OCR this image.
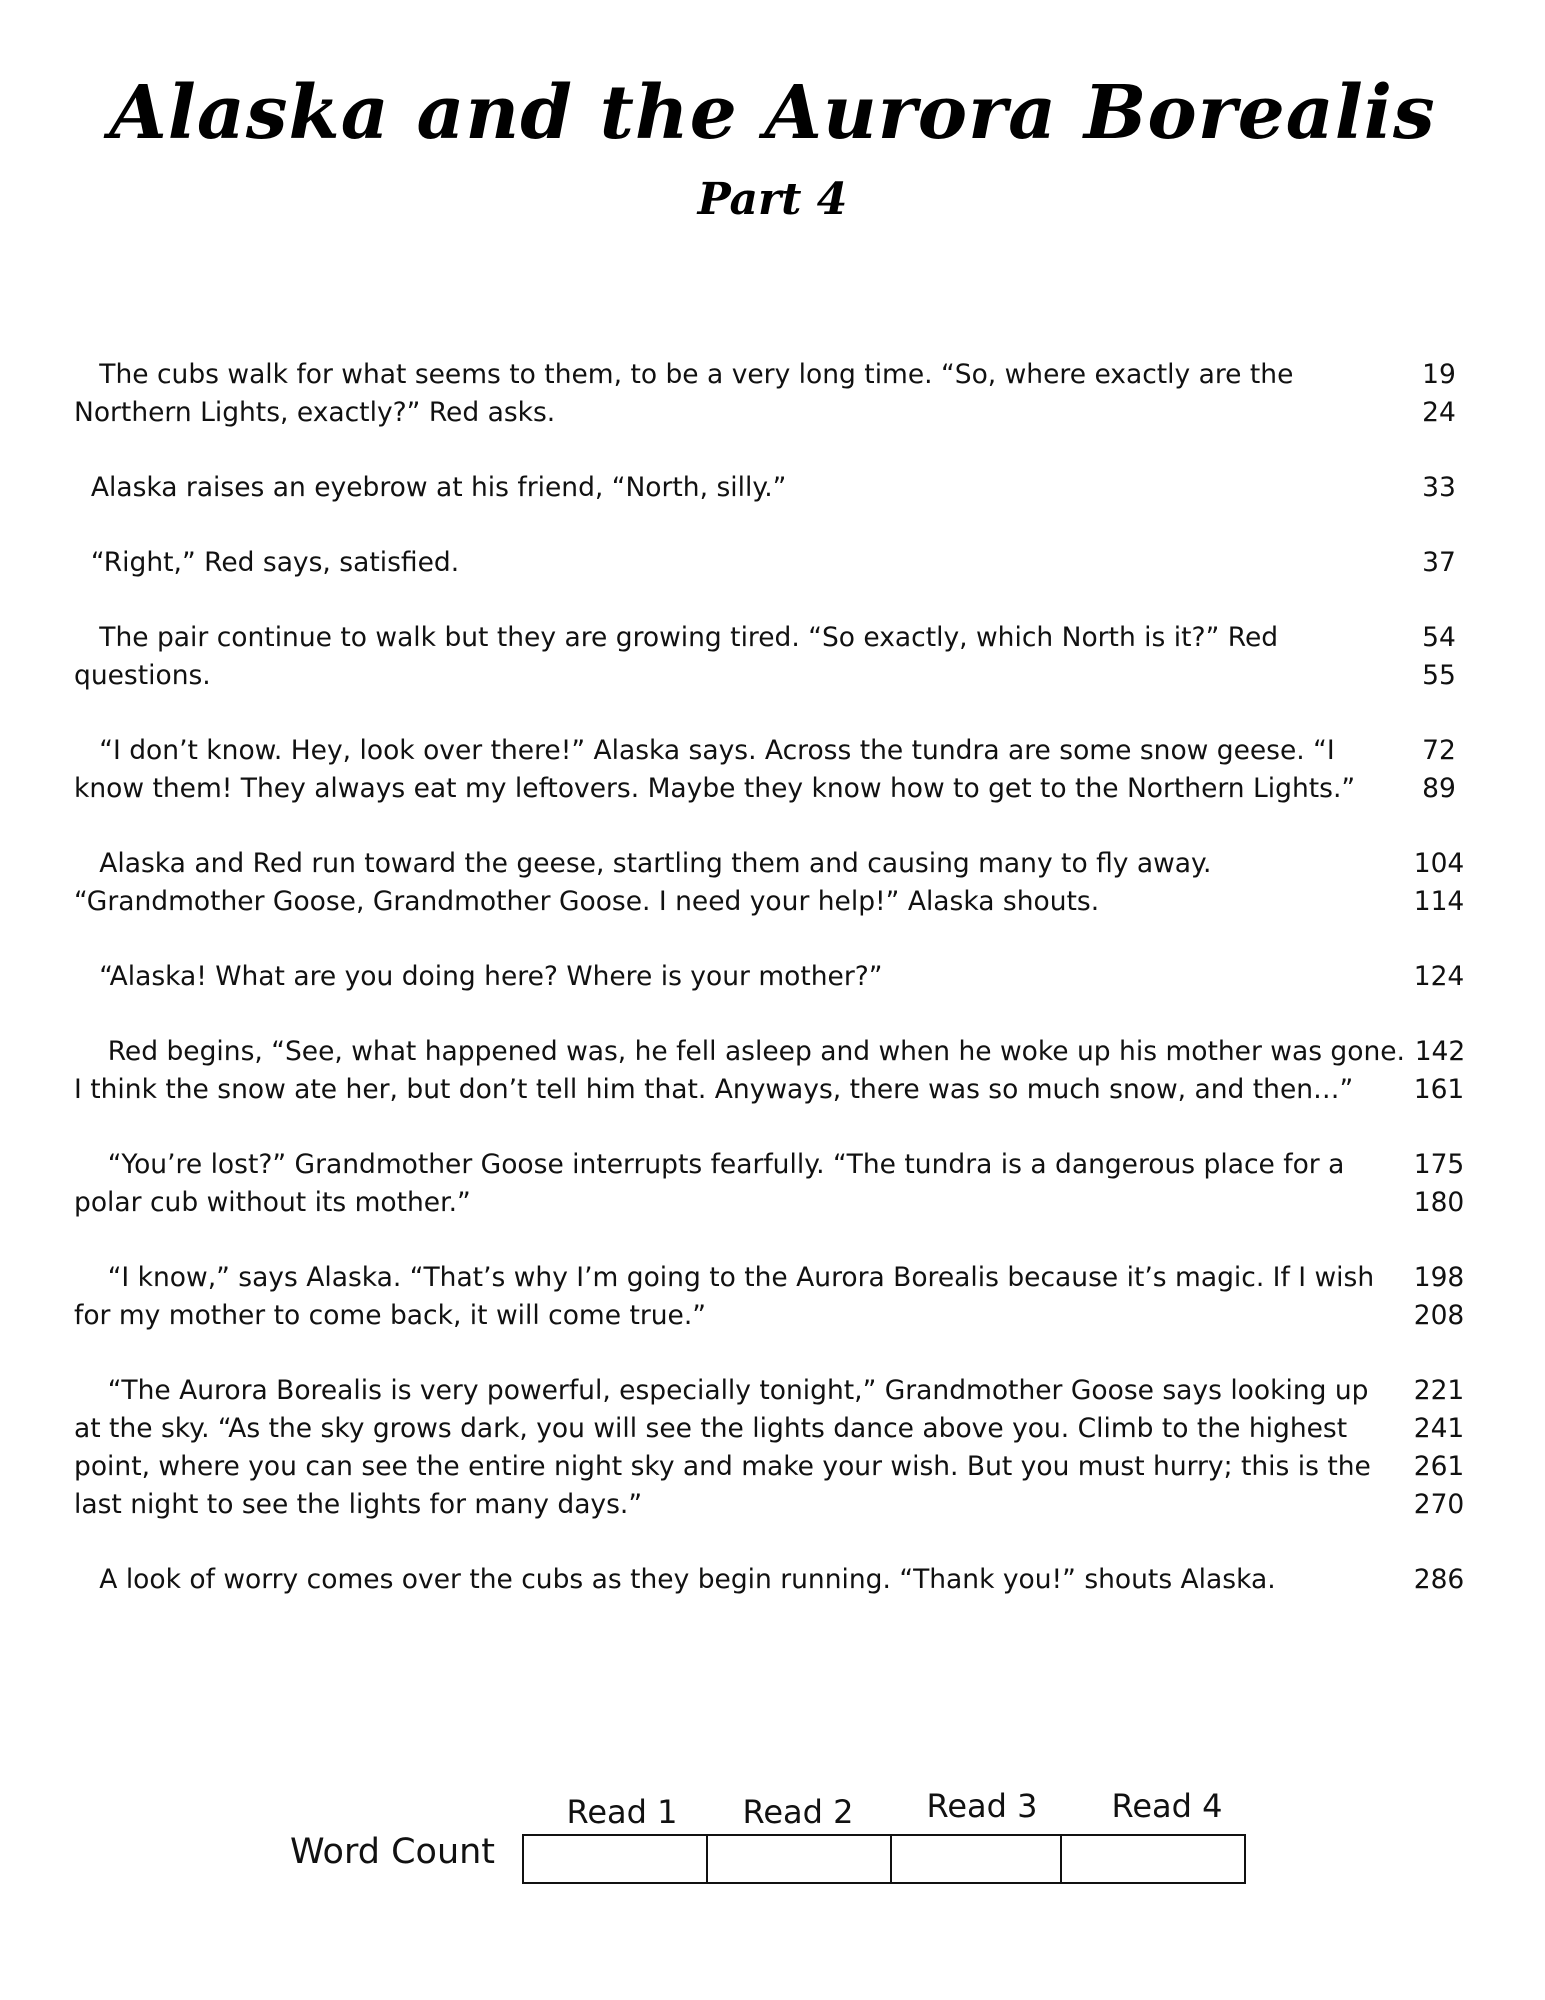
Alaska and the Aurora Borealis
Part 4
The cubs walk for what seems to them, to be a very long time. “So, where exactly are the	19
Northern Lights, exactly?” Red asks.	24
Alaska raises an eyebrow at his friend, “North, silly.”	33
“Right,” Red says, satisfied.	37
The pair continue to walk but they are growing tired. “So exactly, which North is it?” Red	54
questions.	55
“I don’t know. Hey, look over there!” Alaska says. Across the tundra are some snow geese. “I	72
know them! They always eat my leftovers. Maybe they know how to get to the Northern Lights.”	89
Alaska and Red run toward the geese, startling them and causing many to fly away.	104
“Grandmother Goose, Grandmother Goose. I need your help!” Alaska shouts.	114
“Alaska! What are you doing here? Where is your mother?”	124
Red begins, “See, what happened was, he fell asleep and when he woke up his mother was gone. 142
I think the snow ate her, but don’t tell him that. Anyways, there was so much snow, and then…”	161
“You’re lost?” Grandmother Goose interrupts fearfully. “The tundra is a dangerous place for a	175
polar cub without its mother.”	180
“I know,” says Alaska. “That’s why I’m going to the Aurora Borealis because it’s magic. If I wish	198
for my mother to come back, it will come true.”	208
“The Aurora Borealis is very powerful, especially tonight,” Grandmother Goose says looking up	221
at the sky. “As the sky grows dark, you will see the lights dance above you. Climb to the highest	241
point, where you can see the entire night sky and make your wish. But you must hurry; this is the	261
last night to see the lights for many days.”	270
A look of worry comes over the cubs as they begin running. “Thank you!” shouts Alaska.	286
Word Count
Read 1	Read 2	Read 3	Read 4
